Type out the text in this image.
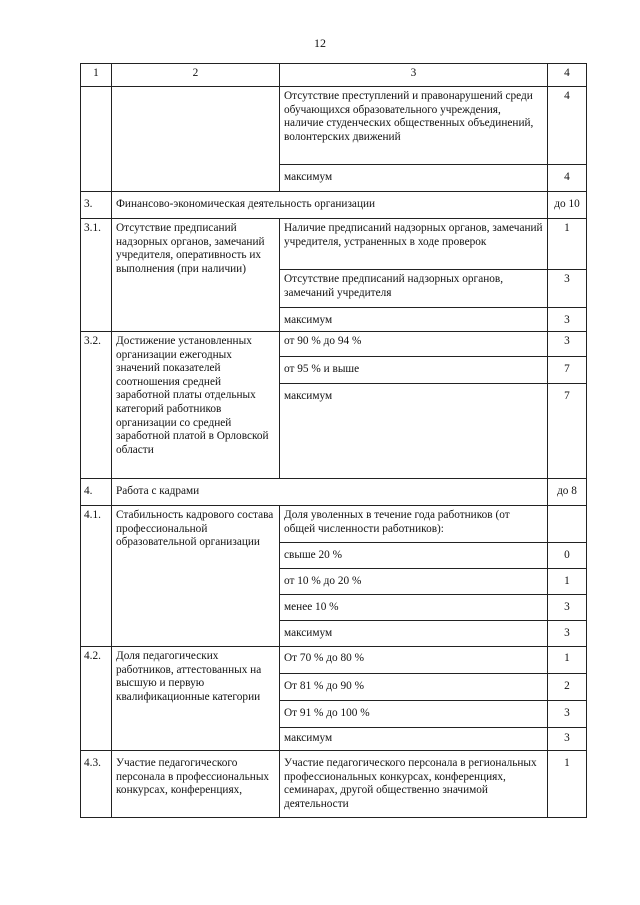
12
1	2	3	4
		Отсутствие преступлений и правонарушений среди обучающихся образовательного учреждения, наличие студенческих общественных объединений, волонтерских движений	4
		максимум	4
3.	Финансово-экономическая деятельность организации		до 10
3.1.	Отсутствие предписаний надзорных органов, замечаний учредителя, оперативность их выполнения (при наличии)	Наличие предписаний надзорных органов, замечаний учредителя, устраненных в ходе проверок	1
		Отсутствие предписаний надзорных органов, замечаний учредителя	3
		максимум	3
3.2.	Достижение установленных организации ежегодных значений показателей соотношения средней заработной платы отдельных категорий работников организации со средней заработной платой в Орловской области	от 90 % до 94 %	3
		от 95 % и выше	7
		максимум	7
4.	Работа с кадрами		до 8
4.1.	Стабильность кадрового состава профессиональной образовательной организации	Доля уволенных в течение года работников (от общей численности работников):	
		свыше 20 %	0
		от 10 % до 20 %	1
		менее 10 %	3
		максимум	3
4.2.	Доля педагогических работников, аттестованных на высшую и первую квалификационные категории	От 70 % до 80 %	1
		От 81 % до 90 %	2
		От 91 % до 100 %	3
		максимум	3
4.3.	Участие педагогического персонала в профессиональных конкурсах, конференциях,	Участие педагогического персонала в региональных профессиональных конкурсах, конференциях, семинарах, другой общественно значимой деятельности	1
